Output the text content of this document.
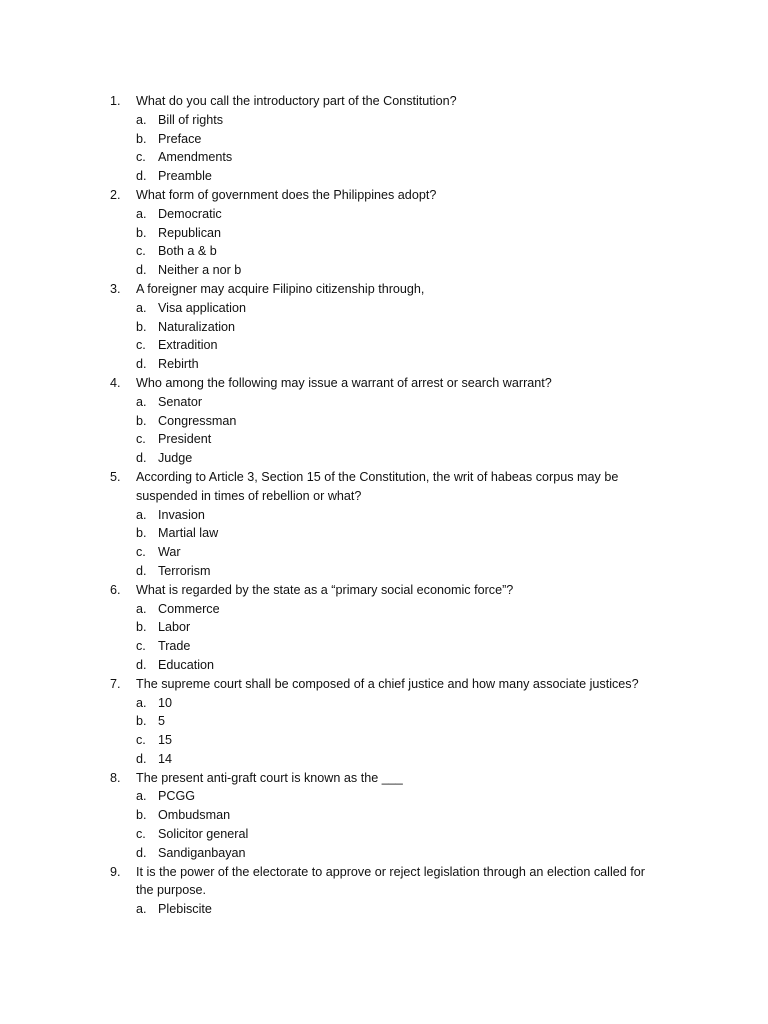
1.	What do you call the introductory part of the Constitution?
a. Bill of rights
b. Preface
c. Amendments
d. Preamble
2.	What form of government does the Philippines adopt?
a. Democratic
b. Republican
c. Both a & b
d. Neither a nor b
3.	A foreigner may acquire Filipino citizenship through,
a. Visa application
b. Naturalization
c. Extradition
d. Rebirth
4.	Who among the following may issue a warrant of arrest or search warrant?
a. Senator
b. Congressman
c. President
d. Judge
5.	According to Article 3, Section 15 of the Constitution, the writ of habeas corpus may be
suspended in times of rebellion or what?
a. Invasion
b. Martial law
c. War
d. Terrorism
6.	What is regarded by the state as a “primary social economic force”?
a. Commerce
b. Labor
c. Trade
d. Education
7.	The supreme court shall be composed of a chief justice and how many associate justices?
a. 10
b. 5
c. 15
d. 14
8.	The present anti-graft court is known as the ___
a. PCGG
b. Ombudsman
c. Solicitor general
d. Sandiganbayan
9.	It is the power of the electorate to approve or reject legislation through an election called for
the purpose.
a. Plebiscite
